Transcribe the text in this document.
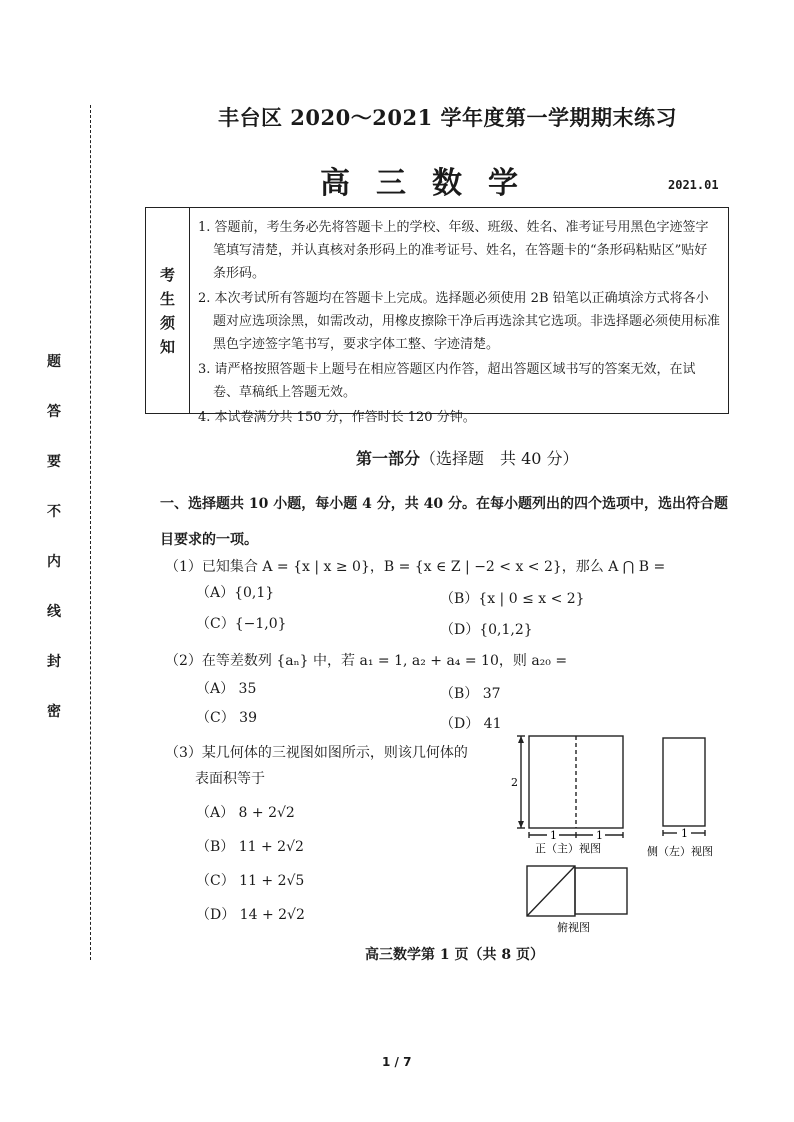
题
答
要
不
内
线
封
密
丰台区 2020～2021 学年度第一学期期末练习
高三数学	2021.01
考
生
须
知

1. 答题前，考生务必先将答题卡上的学校、年级、班级、姓名、准考证号用黑色字迹签字笔填写清楚，并认真核对条形码上的准考证号、姓名，在答题卡的“条形码粘贴区”贴好条形码。

2. 本次考试所有答题均在答题卡上完成。选择题必须使用 2B 铅笔以正确填涂方式将各小题对应选项涂黑，如需改动，用橡皮擦除干净后再选涂其它选项。非选择题必须使用标准黑色字迹签字笔书写，要求字体工整、字迹清楚。

3. 请严格按照答题卡上题号在相应答题区内作答，超出答题区域书写的答案无效，在试卷、草稿纸上答题无效。

4. 本试卷满分共 150 分，作答时长 120 分钟。

第一部分（选择题　共 40 分）
一、选择题共 10 小题，每小题 4 分，共 40 分。在每小题列出的四个选项中，选出符合题目要求的一项。
（1）已知集合 A = {x | x ≥ 0}，B = {x ∈ Z | −2 < x < 2}，那么 A ⋂ B =
（A）{0,1}	（B）{x | 0 ≤ x < 2}
（C）{−1,0}	（D）{0,1,2}
（2）在等差数列 {aₙ} 中，若 a₁ = 1, a₂ + a₄ = 10，则 a₂₀ =
（A） 35	（B） 37
（C） 39	（D） 41
（3）某几何体的三视图如图所示，则该几何体的
表面积等于
（A） 8 + 2√2
（B） 11 + 2√2
（C） 11 + 2√5
（D） 14 + 2√2
2
1	1	1
正（主）视图	侧（左）视图
俯视图
高三数学第 1 页（共 8 页）
1 / 7
